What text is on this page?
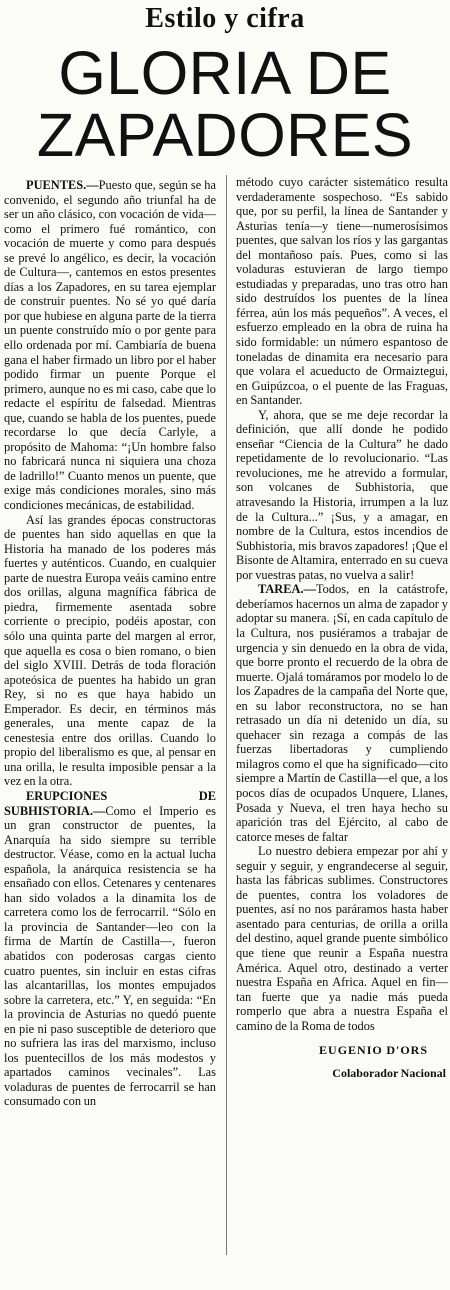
Estilo y cifra
GLORIA DE ZAPADORES

PUENTES.—Puesto que, según se ha convenido, el segundo año triunfal ha de ser un año clásico, con vocación de vida—como el primero fué romántico, con vocación de muerte y como para después se prevé lo angélico, es decir, la vocación de Cultura—, cantemos en estos presentes días a los Zapadores, en su tarea ejemplar de construir puentes. No sé yo qué daría por que hubiese en alguna parte de la tierra un puente construído mío o por gente para ello ordenada por mí. Cambiaría de buena gana el haber firmado un libro por el haber podido firmar un puente Porque el primero, aunque no es mi caso, cabe que lo redacte el espíritu de falsedad. Mientras que, cuando se habla de los puentes, puede recordarse lo que decía Carlyle, a propósito de Mahoma: “¡Un hombre falso no fabricará nunca ni siquiera una choza de ladrillo!” Cuanto menos un puente, que exige más condiciones morales, sino más condiciones mecánicas, de estabilidad.

Así las grandes épocas constructoras de puentes han sido aquellas en que la Historia ha manado de los poderes más fuertes y auténticos. Cuando, en cualquier parte de nuestra Europa veáis camino entre dos orillas, alguna magnífica fábrica de piedra, firmemente asentada sobre corriente o precipio, podéis apostar, con sólo una quinta parte del margen al error, que aquella es cosa o bien romano, o bien del siglo XVIII. Detrás de toda floración apoteósica de puentes ha habido un gran Rey, si no es que haya habido un Emperador. Es decir, en términos más generales, una mente capaz de la cenestesia entre dos orillas. Cuando lo propio del liberalismo es que, al pensar en una orilla, le resulta imposible pensar a la vez en la otra.

ERUPCIONES DE SUBHISTORIA.—Como el Imperio es un gran constructor de puentes, la Anarquía ha sido siempre su terrible destructor. Véase, como en la actual lucha española, la anárquica resistencia se ha ensañado con ellos. Cetenares y centenares han sido volados a la dinamita los de carretera como los de ferrocarril. “Sólo en la provincia de Santander—leo con la firma de Martín de Castilla—, fueron abatidos con poderosas cargas ciento cuatro puentes, sin incluir en estas cifras las alcantarillas, los montes empujados sobre la carretera, etc.” Y, en seguida: “En la provincia de Asturias no quedó puente en pie ni paso susceptible de deterioro que no sufriera las iras del marxismo, incluso los puentecillos de los más modestos y apartados caminos vecinales”. Las voladuras de puentes de ferrocarril se han consumado con un

método cuyo carácter sistemático resulta verdaderamente sospechoso. “Es sabido que, por su perfil, la línea de Santander y Asturias tenía—y tiene—numerosísimos puentes, que salvan los ríos y las gargantas del montañoso país. Pues, como si las voladuras estuvieran de largo tiempo estudiadas y preparadas, uno tras otro han sido destruídos los puentes de la línea férrea, aún los más pequeños”. A veces, el esfuerzo empleado en la obra de ruina ha sido formidable: un número espantoso de toneladas de dinamita era necesario para que volara el acueducto de Ormaiztegui, en Guipúzcoa, o el puente de las Fraguas, en Santander.

Y, ahora, que se me deje recordar la definición, que allí donde he podido enseñar “Ciencia de la Cultura” he dado repetidamente de lo revolucionario. “Las revoluciones, me he atrevido a formular, son volcanes de Subhistoria, que atravesando la Historia, irrumpen a la luz de la Cultura...” ¡Sus, y a amagar, en nombre de la Cultura, estos incendios de Subhistoria, mis bravos zapadores! ¡Que el Bisonte de Altamira, enterrado en su cueva por vuestras patas, no vuelva a salir!

TAREA.—Todos, en la catástrofe, deberíamos hacernos un alma de zapador y adoptar su manera. ¡Sí, en cada capítulo de la Cultura, nos pusiéramos a trabajar de urgencia y sin denuedo en la obra de vida, que borre pronto el recuerdo de la obra de muerte. Ojalá tomáramos por modelo lo de los Zapadres de la campaña del Norte que, en su labor reconstructora, no se han retrasado un día ni detenido un día, su quehacer sin rezaga a compás de las fuerzas libertadoras y cumpliendo milagros como el que ha significado—cito siempre a Martín de Castilla—el que, a los pocos días de ocupados Unquere, Llanes, Posada y Nueva, el tren haya hecho su aparición tras del Ejército, al cabo de catorce meses de faltar

Lo nuestro debiera empezar por ahí y seguir y seguir, y engrandecerse al seguir, hasta las fábricas sublimes. Constructores de puentes, contra los voladores de puentes, así no nos paráramos hasta haber asentado para centurias, de orilla a orilla del destino, aquel grande puente simbólico que tiene que reunir a España nuestra América. Aquel otro, destinado a verter nuestra España en Africa. Aquel en fin—tan fuerte que ya nadie más pueda romperlo que abra a nuestra España el camino de la Roma de todos

EUGENIO D'ORS
Colaborador Nacional
